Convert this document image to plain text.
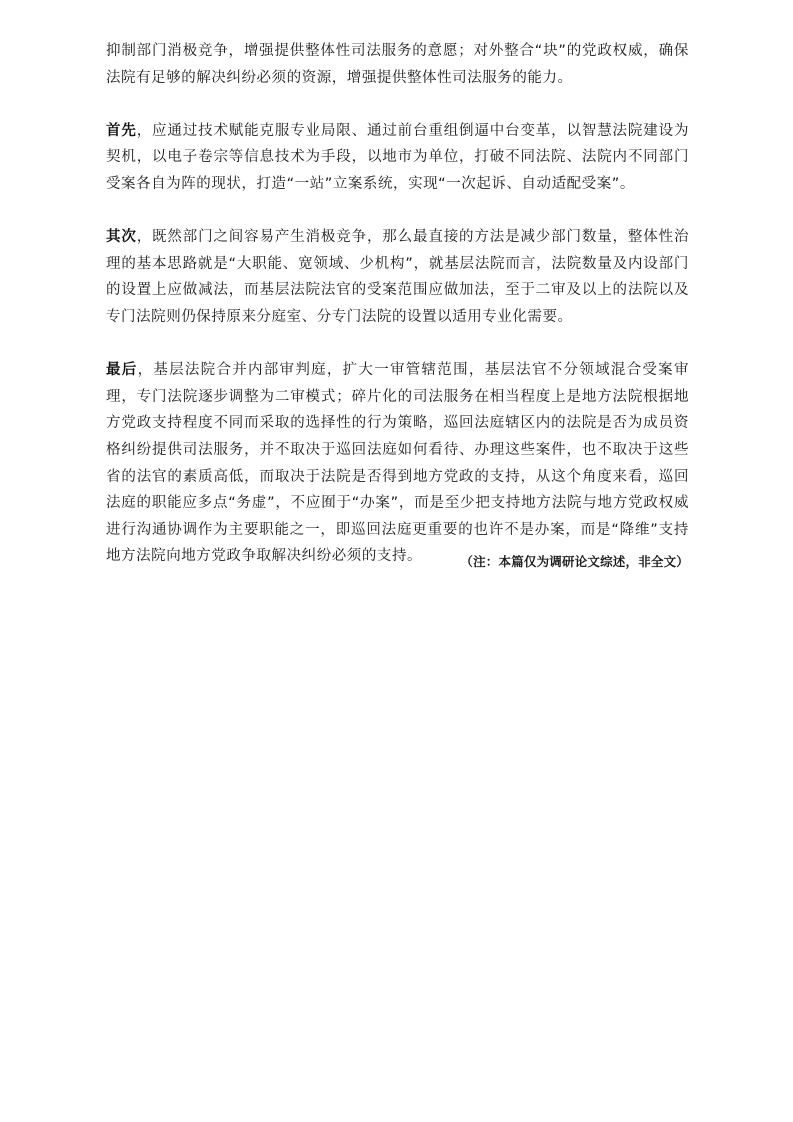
抑制部门消极竞争，增强提供整体性司法服务的意愿；对外整合“块”的党政权威，确保法院有足够的解决纠纷必须的资源，增强提供整体性司法服务的能力。

首先，应通过技术赋能克服专业局限、通过前台重组倒逼中台变革，以智慧法院建设为契机，以电子卷宗等信息技术为手段，以地市为单位，打破不同法院、法院内不同部门受案各自为阵的现状，打造“一站”立案系统，实现“一次起诉、自动适配受案”。

其次，既然部门之间容易产生消极竞争，那么最直接的方法是减少部门数量，整体性治理的基本思路就是“大职能、宽领域、少机构”，就基层法院而言，法院数量及内设部门的设置上应做减法，而基层法院法官的受案范围应做加法，至于二审及以上的法院以及专门法院则仍保持原来分庭室、分专门法院的设置以适用专业化需要。

最后，基层法院合并内部审判庭，扩大一审管辖范围，基层法官不分领域混合受案审理，专门法院逐步调整为二审模式；碎片化的司法服务在相当程度上是地方法院根据地方党政支持程度不同而采取的选择性的行为策略，巡回法庭辖区内的法院是否为成员资格纠纷提供司法服务，并不取决于巡回法庭如何看待、办理这些案件，也不取决于这些省的法官的素质高低，而取决于法院是否得到地方党政的支持，从这个角度来看，巡回法庭的职能应多点“务虚”，不应囿于“办案”，而是至少把支持地方法院与地方党政权威进行沟通协调作为主要职能之一，即巡回法庭更重要的也许不是办案，而是“降维”支持地方法院向地方党政争取解决纠纷必须的支持。	（注：本篇仅为调研论文综述，非全文）
